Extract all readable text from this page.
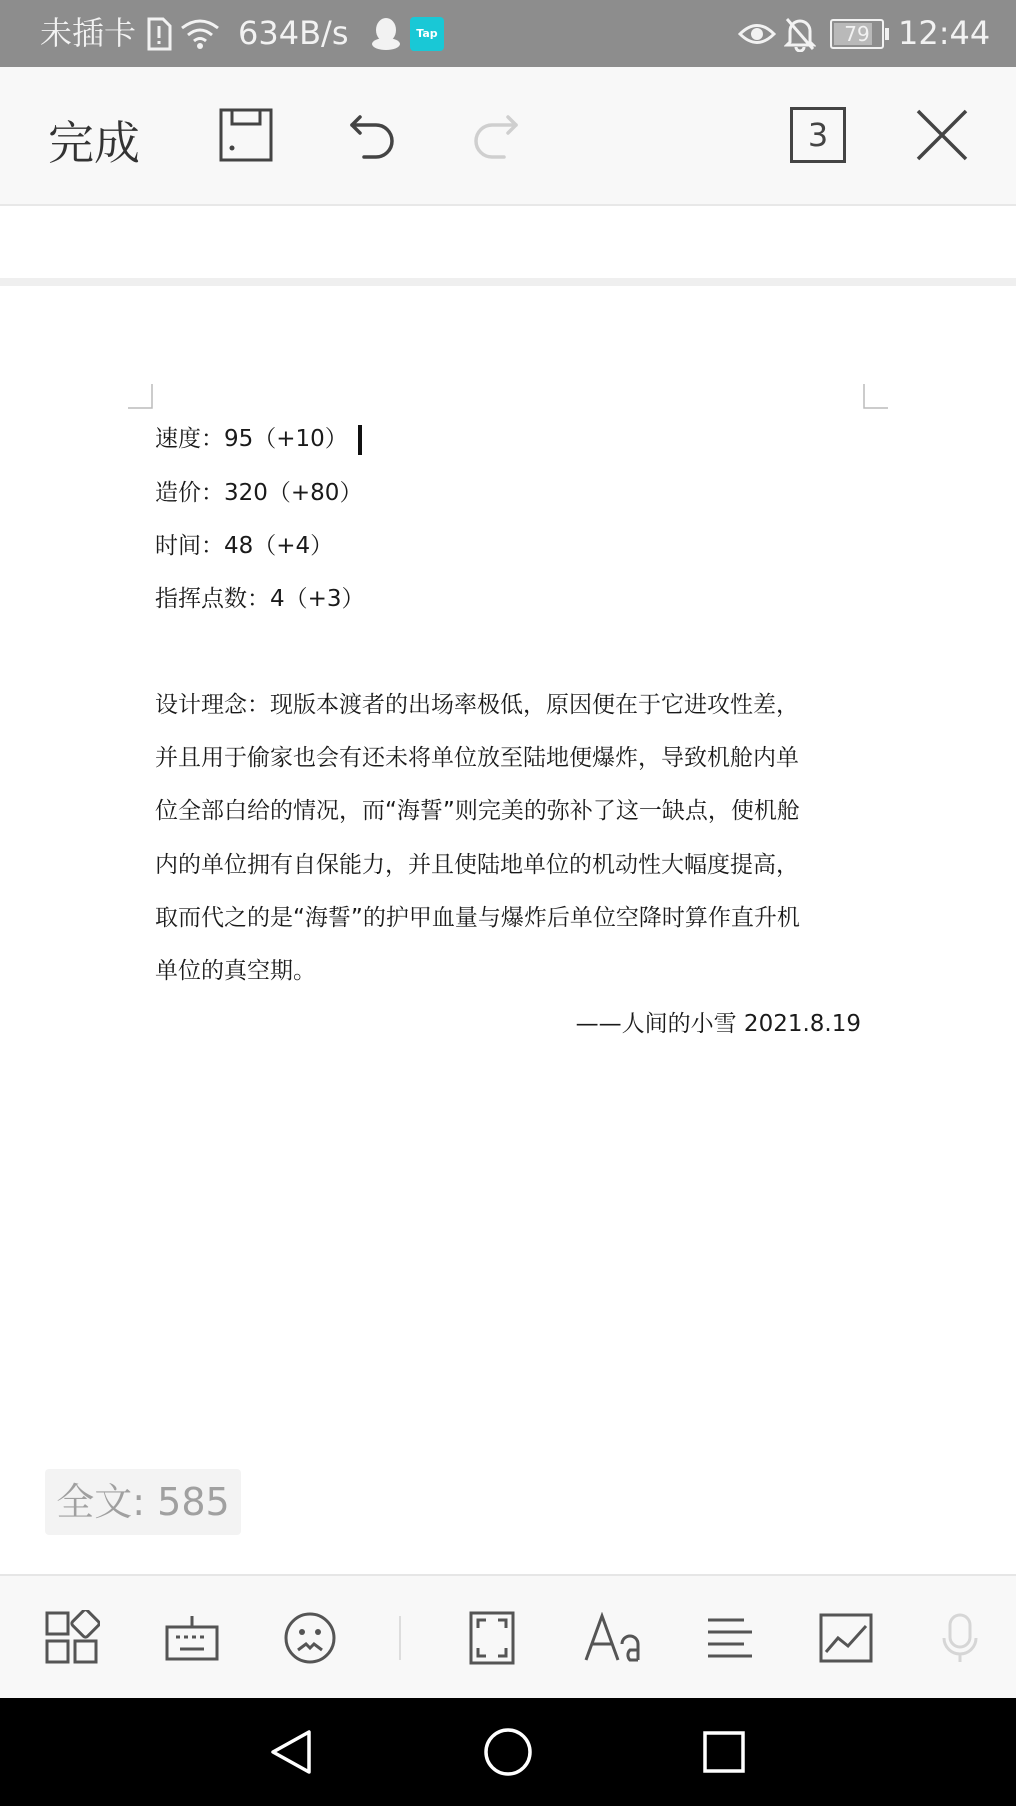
未插卡	634B/s	Tap	79 12:44
完成	3
速度：95（+10）
造价：320（+80）
时间：48（+4）
指挥点数：4（+3）
设计理念：现版本渡者的出场率极低，原因便在于它进攻性差，
并且用于偷家也会有还未将单位放至陆地便爆炸，导致机舱内单
位全部白给的情况，而“海誓”则完美的弥补了这一缺点，使机舱
内的单位拥有自保能力，并且使陆地单位的机动性大幅度提高，
取而代之的是“海誓”的护甲血量与爆炸后单位空降时算作直升机
单位的真空期。
——人间的小雪 2021.8.19
全文: 585
